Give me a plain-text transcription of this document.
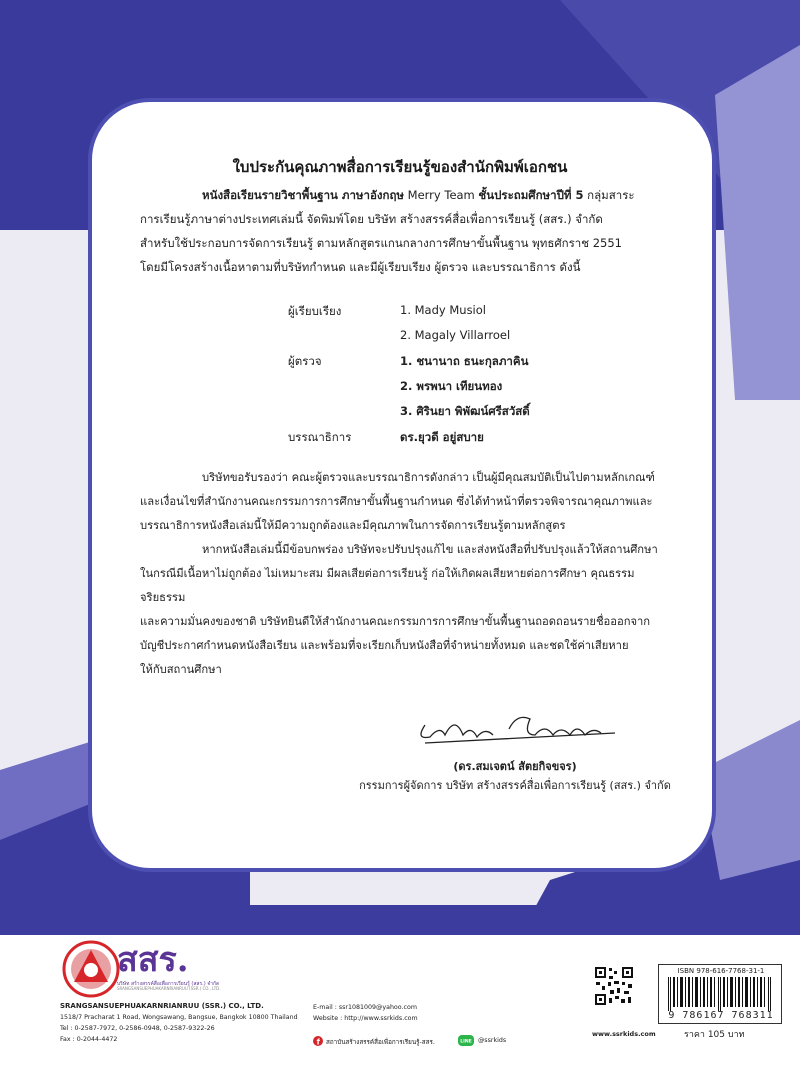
ใบประกันคุณภาพสื่อการเรียนรู้ของสำนักพิมพ์เอกชน
หนังสือเรียนรายวิชาพื้นฐาน ภาษาอังกฤษ Merry Team ชั้นประถมศึกษาปีที่ 5 กลุ่มสาระ
การเรียนรู้ภาษาต่างประเทศเล่มนี้ จัดพิมพ์โดย บริษัท สร้างสรรค์สื่อเพื่อการเรียนรู้ (สสร.) จำกัด
สำหรับใช้ประกอบการจัดการเรียนรู้ ตามหลักสูตรแกนกลางการศึกษาขั้นพื้นฐาน พุทธศักราช 2551
โดยมีโครงสร้างเนื้อหาตามที่บริษัทกำหนด และมีผู้เรียบเรียง ผู้ตรวจ และบรรณาธิการ ดังนี้
ผู้เรียบเรียง	1. Mady Musiol
2. Magaly Villarroel
ผู้ตรวจ	1. ชนานาถ ธนะกุลภาคิน
2. พรพนา เทียนทอง
3. ศิรินยา พิพัฒน์ศรีสวัสดิ์
บรรณาธิการ	ดร.ยุวดี อยู่สบาย

บริษัทขอรับรองว่า คณะผู้ตรวจและบรรณาธิการดังกล่าว เป็นผู้มีคุณสมบัติเป็นไปตามหลักเกณฑ์

และเงื่อนไขที่สำนักงานคณะกรรมการการศึกษาขั้นพื้นฐานกำหนด ซึ่งได้ทำหน้าที่ตรวจพิจารณาคุณภาพและ

บรรณาธิการหนังสือเล่มนี้ให้มีความถูกต้องและมีคุณภาพในการจัดการเรียนรู้ตามหลักสูตร

หากหนังสือเล่มนี้มีข้อบกพร่อง บริษัทจะปรับปรุงแก้ไข และส่งหนังสือที่ปรับปรุงแล้วให้สถานศึกษา

ในกรณีมีเนื้อหาไม่ถูกต้อง ไม่เหมาะสม มีผลเสียต่อการเรียนรู้ ก่อให้เกิดผลเสียหายต่อการศึกษา คุณธรรม จริยธรรม

และความมั่นคงของชาติ บริษัทยินดีให้สำนักงานคณะกรรมการการศึกษาขั้นพื้นฐานถอดถอนรายชื่อออกจาก

บัญชีประกาศกำหนดหนังสือเรียน และพร้อมที่จะเรียกเก็บหนังสือที่จำหน่ายทั้งหมด และชดใช้ค่าเสียหาย

ให้กับสถานศึกษา

(ดร.สมเจตน์ สัตยกิจขจร)
กรรมการผู้จัดการ บริษัท สร้างสรรค์สื่อเพื่อการเรียนรู้ (สสร.) จำกัด
สสร.
บริษัท สร้างสรรค์สื่อเพื่อการเรียนรู้ (สสร.) จำกัด
SRANGSANSUEPHUAKARNRIANRUU (SSR.) CO., LTD.
SRANGSANSUEPHUAKARNRIANRUU (SSR.) CO., LTD.
1518/7 Pracharat 1 Road, Wongsawang, Bangsue, Bangkok 10800 Thailand
Tel : 0-2587-7972, 0-2586-0948, 0-2587-9322-26
Fax : 0-2044-4472
E-mail : ssr1081009@yahoo.com
Website : http://www.ssrkids.com
f สถาบันสร้างสรรค์สื่อเพื่อการเรียนรู้-สสร.	LINE @ssrkids
www.ssrkids.com
ISBN 978-616-7768-31-1
9 786167 768311
ราคา 105 บาท
